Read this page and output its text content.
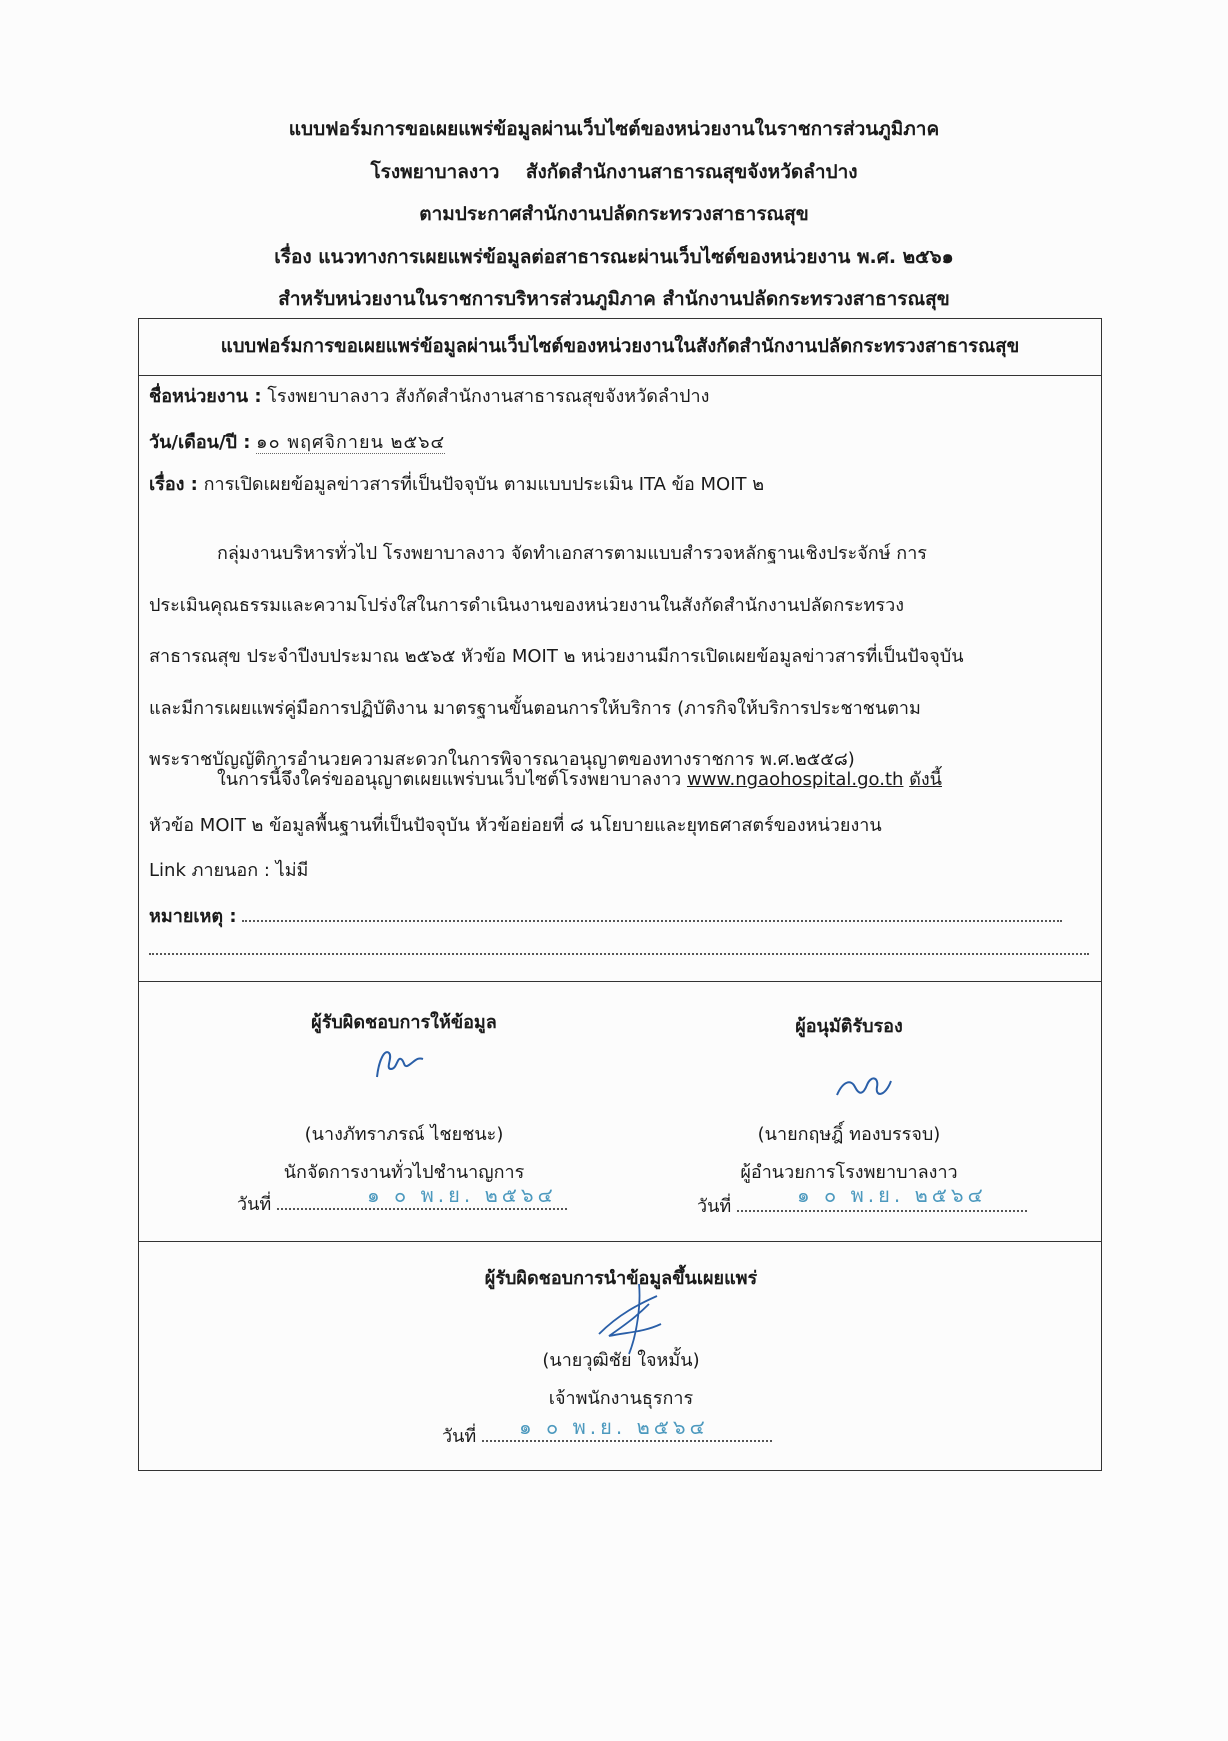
แบบฟอร์มการขอเผยแพร่ข้อมูลผ่านเว็บไซต์ของหน่วยงานในราชการส่วนภูมิภาค
โรงพยาบาลงาว    สังกัดสำนักงานสาธารณสุขจังหวัดลำปาง
ตามประกาศสำนักงานปลัดกระทรวงสาธารณสุข
เรื่อง แนวทางการเผยแพร่ข้อมูลต่อสาธารณะผ่านเว็บไซต์ของหน่วยงาน พ.ศ. ๒๕๖๑
สำหรับหน่วยงานในราชการบริหารส่วนภูมิภาค สำนักงานปลัดกระทรวงสาธารณสุข
แบบฟอร์มการขอเผยแพร่ข้อมูลผ่านเว็บไซต์ของหน่วยงานในสังกัดสำนักงานปลัดกระทรวงสาธารณสุข
ชื่อหน่วยงาน : โรงพยาบาลงาว สังกัดสำนักงานสาธารณสุขจังหวัดลำปาง
วัน/เดือน/ปี : ๑๐ พฤศจิกายน ๒๕๖๔
เรื่อง : การเปิดเผยข้อมูลข่าวสารที่เป็นปัจจุบัน ตามแบบประเมิน ITA ข้อ MOIT ๒
กลุ่มงานบริหารทั่วไป โรงพยาบาลงาว จัดทำเอกสารตามแบบสำรวจหลักฐานเชิงประจักษ์ การ
ประเมินคุณธรรมและความโปร่งใสในการดำเนินงานของหน่วยงานในสังกัดสำนักงานปลัดกระทรวง
สาธารณสุข ประจำปีงบประมาณ ๒๕๖๕ หัวข้อ MOIT ๒ หน่วยงานมีการเปิดเผยข้อมูลข่าวสารที่เป็นปัจจุบัน
และมีการเผยแพร่คู่มือการปฏิบัติงาน มาตรฐานขั้นตอนการให้บริการ (ภารกิจให้บริการประชาชนตาม
พระราชบัญญัติการอำนวยความสะดวกในการพิจารณาอนุญาตของทางราชการ พ.ศ.๒๕๕๘)
ในการนี้จึงใคร่ขออนุญาตเผยแพร่บนเว็บไซต์โรงพยาบาลงาว www.ngaohospital.go.th ดังนี้
หัวข้อ MOIT ๒ ข้อมูลพื้นฐานที่เป็นปัจจุบัน หัวข้อย่อยที่ ๘ นโยบายและยุทธศาสตร์ของหน่วยงาน
Link ภายนอก : ไม่มี
หมายเหตุ :
ผู้รับผิดชอบการให้ข้อมูล
(นางภัทราภรณ์ ไชยชนะ)
นักจัดการงานทั่วไปชำนาญการ
วันที่	๑ ๐ พ.ย. ๒๕๖๔
ผู้อนุมัติรับรอง
(นายกฤษฎิ์ ทองบรรจบ)
ผู้อำนวยการโรงพยาบาลงาว
วันที่	๑ ๐ พ.ย. ๒๕๖๔
ผู้รับผิดชอบการนำข้อมูลขึ้นเผยแพร่
(นายวุฒิชัย ใจหมั้น)
เจ้าพนักงานธุรการ
วันที่	๑ ๐ พ.ย. ๒๕๖๔
